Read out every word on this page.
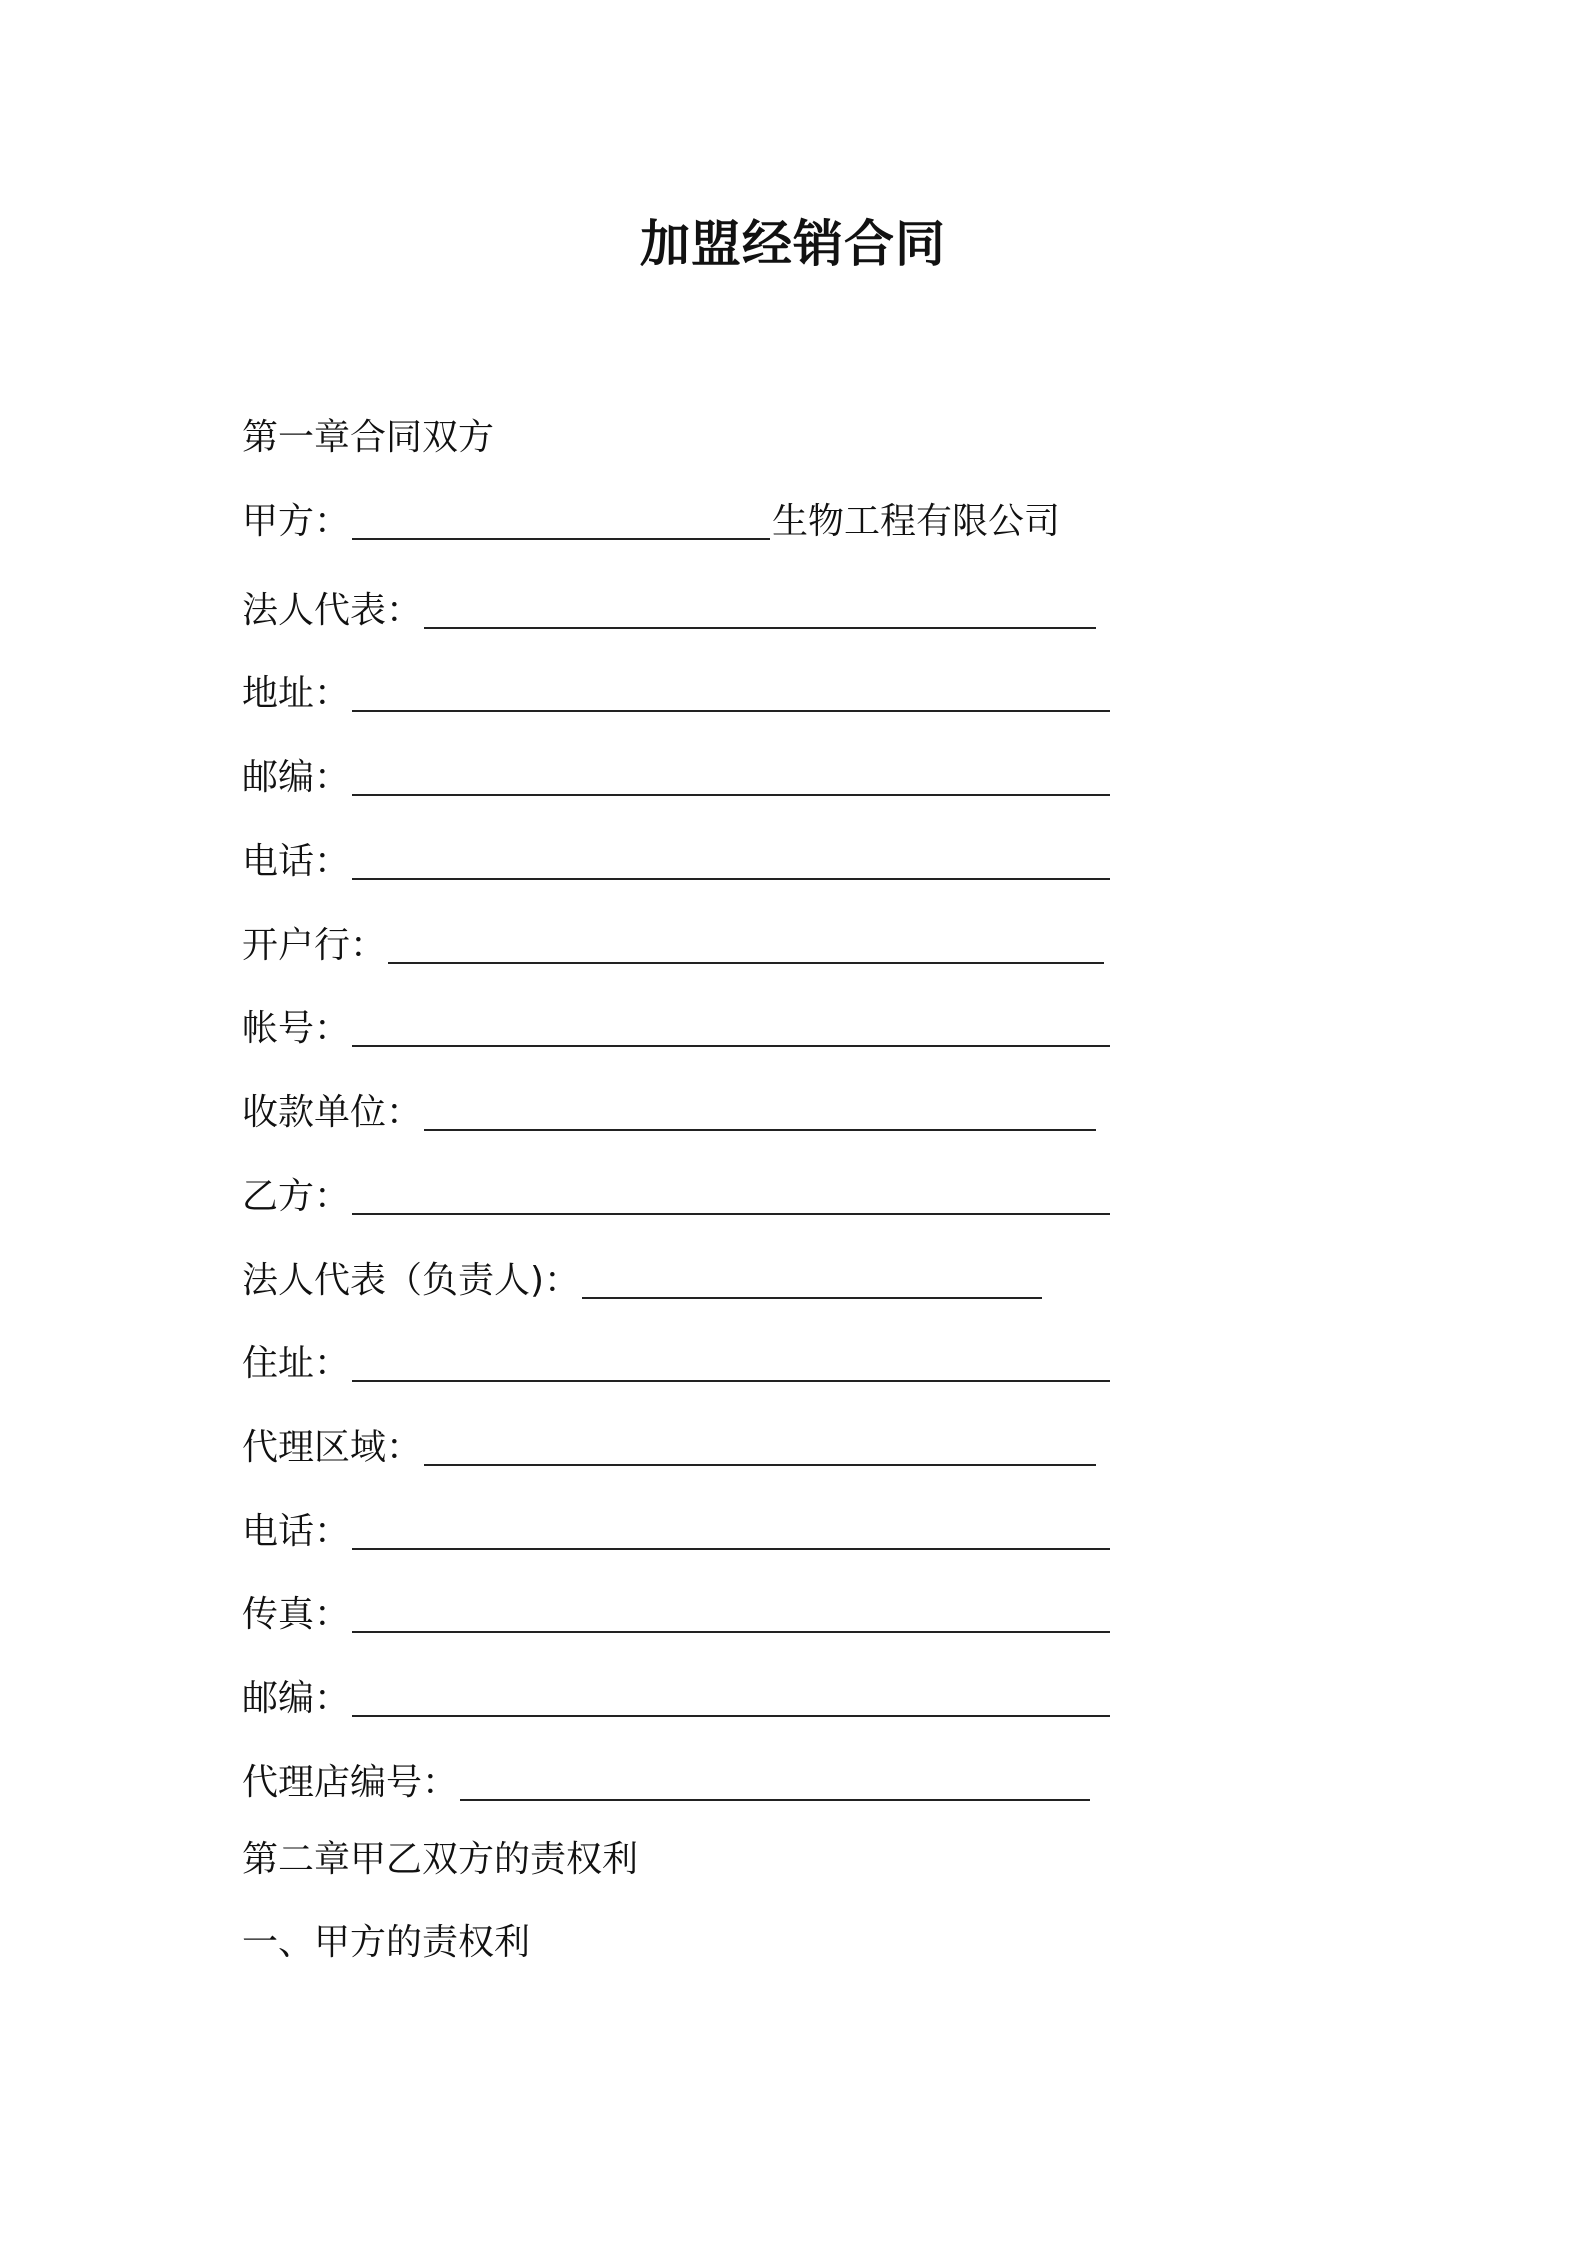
加盟经销合同
第一章合同双方
甲方：	生物工程有限公司
法人代表：
地址：
邮编：
电话：
开户行：
帐号：
收款单位：
乙方：
法人代表（负责人)：
住址：
代理区域：
电话：
传真：
邮编：
代理店编号：
第二章甲乙双方的责权利
一、甲方的责权利
